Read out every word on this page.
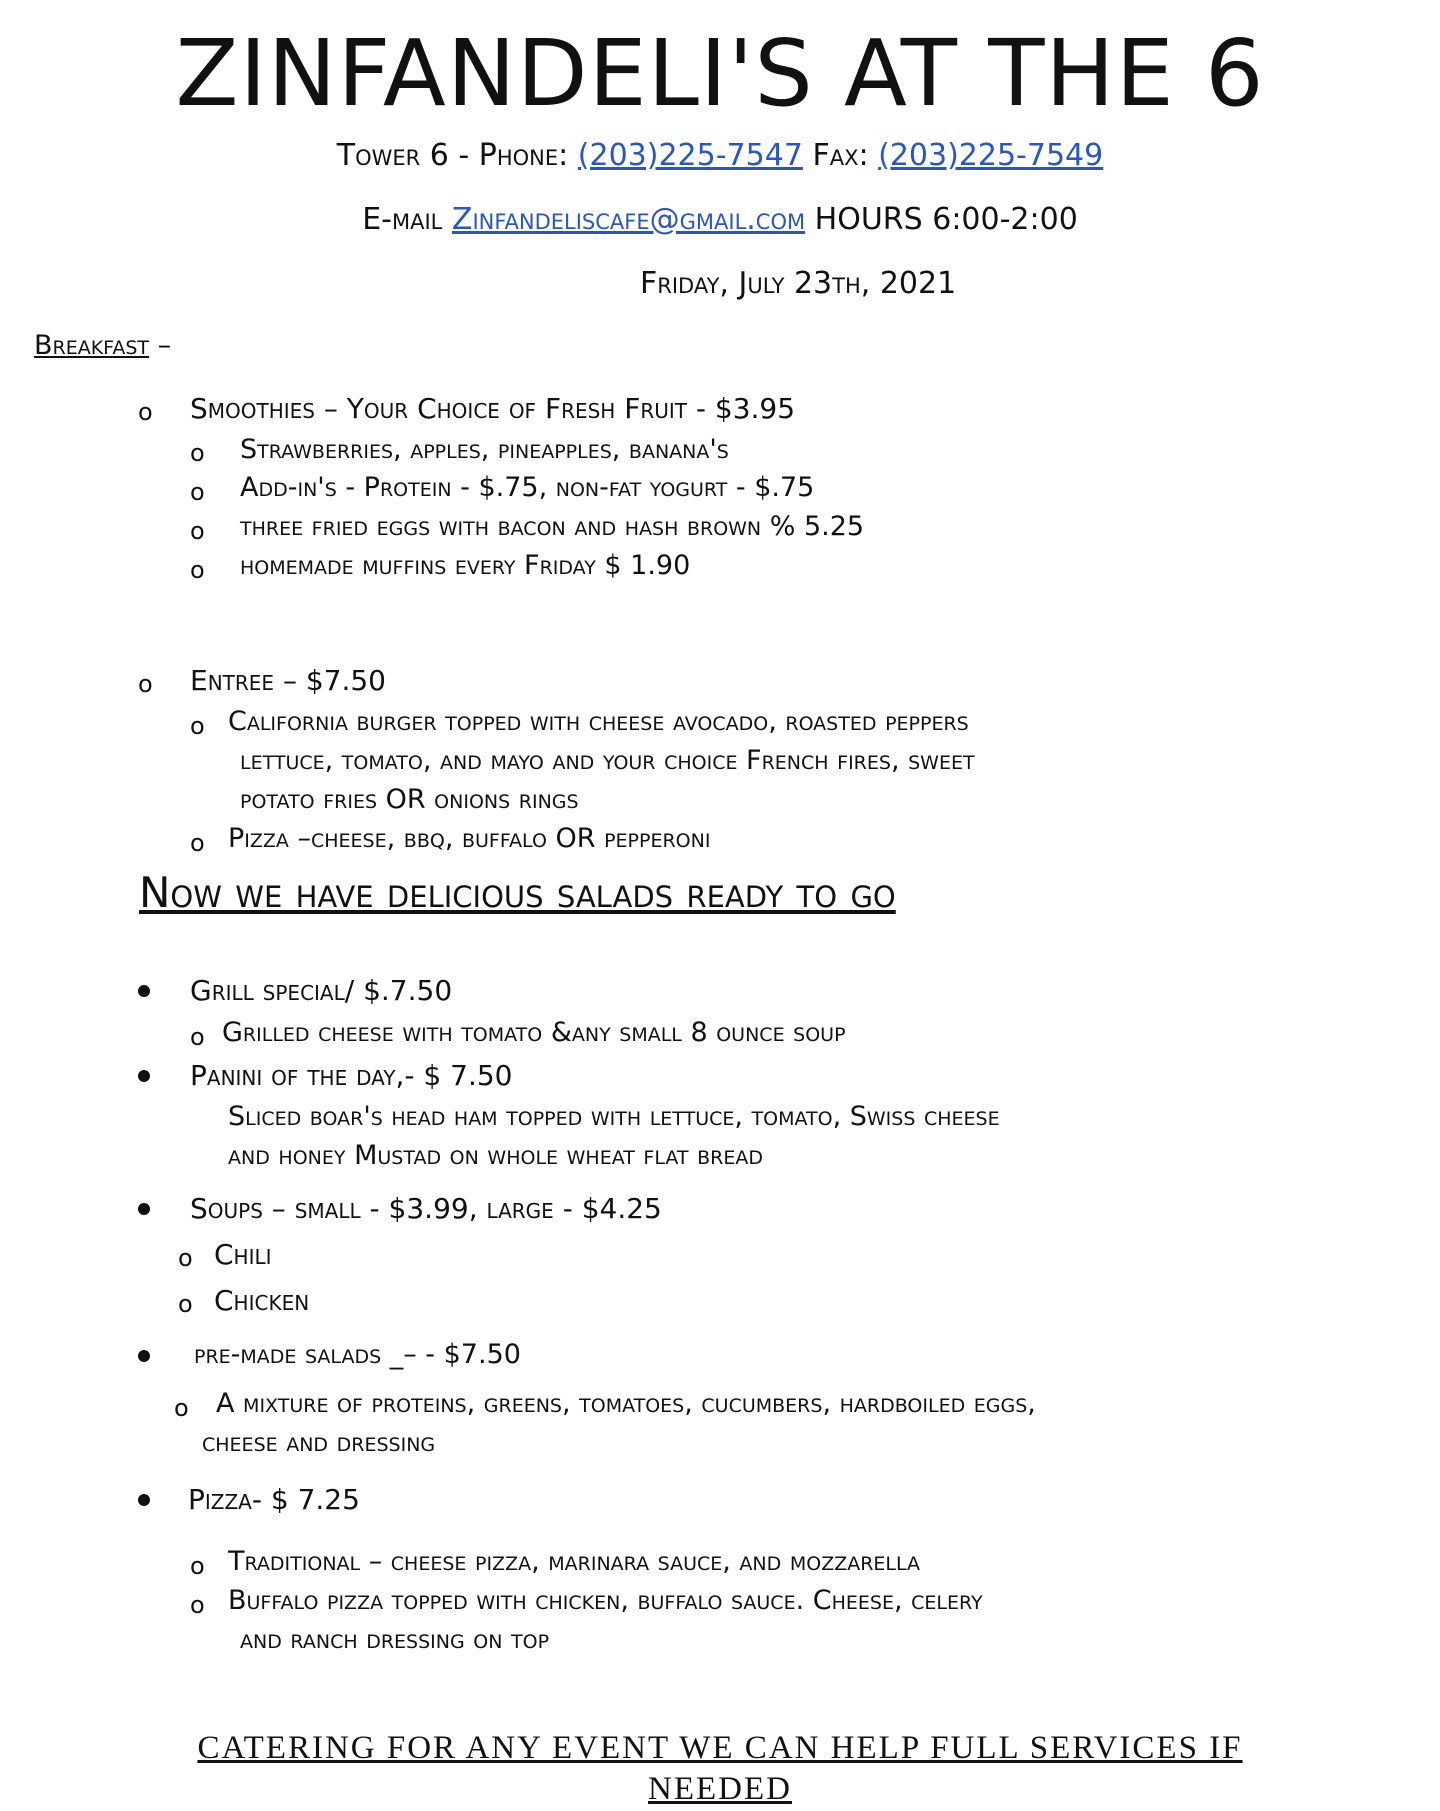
ZINFANDELI'S AT THE 6
Tower 6 - Phone: (203)225-7547 Fax: (203)225-7549
E-mail Zinfandeliscafe@gmail.com HOURS 6:00-2:00
Friday, July 23th, 2021
Breakfast –
o Smoothies – Your Choice of Fresh Fruit - $3.95
o Strawberries, apples, pineapples, banana's
o Add-in's - Protein - $.75, non-fat yogurt - $.75
o three fried eggs with bacon and hash brown % 5.25
o homemade muffins every Friday $ 1.90
o Entree – $7.50
o California burger topped with cheese avocado, roasted peppers
lettuce, tomato, and mayo and your choice French fires, sweet
potato fries OR onions rings
o Pizza –cheese, bbq, buffalo OR pepperoni
Now we have delicious salads ready to go
Grill special/ $.7.50
o Grilled cheese with tomato &any small 8 ounce soup
Panini of the day,- $ 7.50
Sliced boar's head ham topped with lettuce, tomato, Swiss cheese
and honey Mustad on whole wheat flat bread
Soups – small - $3.99, large - $4.25
o Chili
o Chicken
pre-made salads _– - $7.50
o A mixture of proteins, greens, tomatoes, cucumbers, hardboiled eggs,
cheese and dressing
Pizza- $ 7.25
o Traditional – cheese pizza, marinara sauce, and mozzarella
o Buffalo pizza topped with chicken, buffalo sauce. Cheese, celery
and ranch dressing on top
CATERING FOR ANY EVENT WE CAN HELP FULL SERVICES IF
NEEDED
